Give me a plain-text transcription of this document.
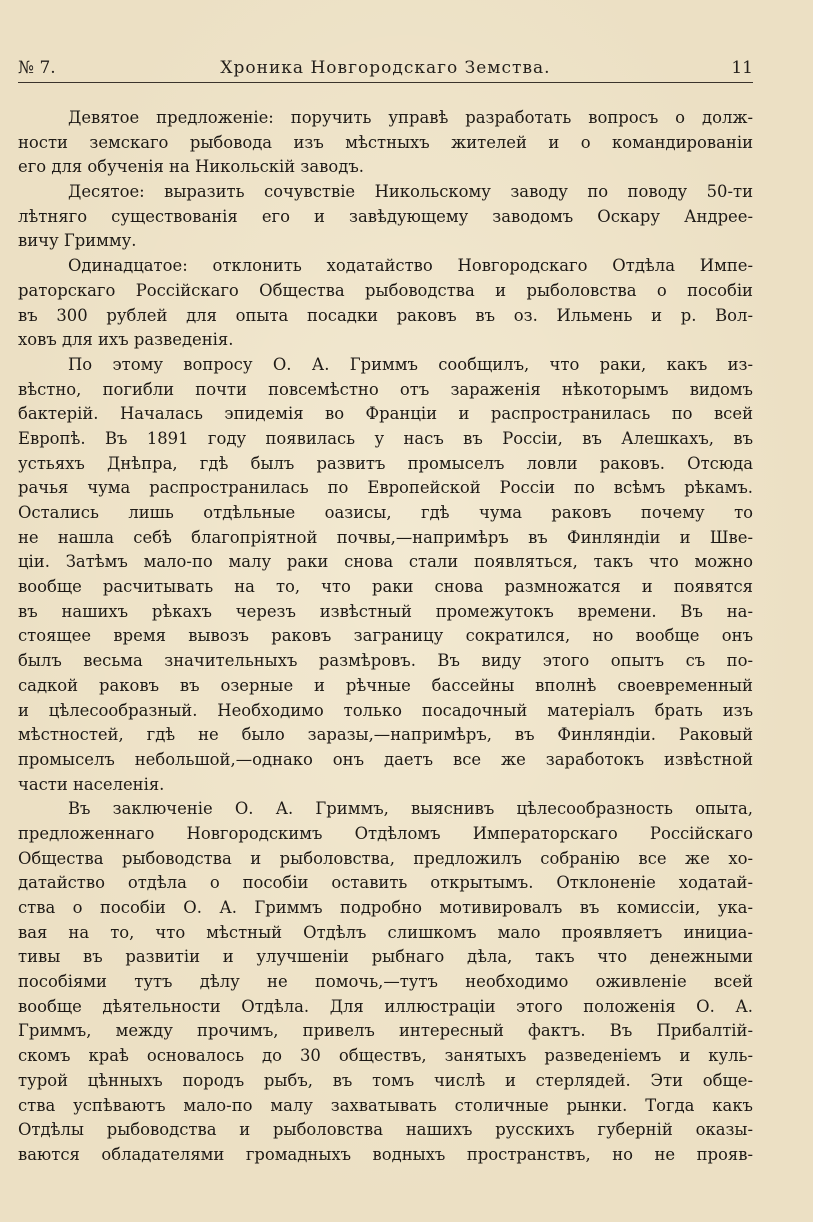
№ 7.	Хроника Новгородскаго Земства.	11
Девятое предложеніе: поручить управѣ разработать вопросъ о долж-
ности земскаго рыбовода изъ мѣстныхъ жителей и о командированіи
его для обученія на Никольскій заводъ.
Десятое: выразить сочувствіе Никольскому заводу по поводу 50-ти
лѣтняго существованія его и завѣдующему заводомъ Оскару Андрее-
вичу Гримму.
Одинадцатое: отклонить ходатайство Новгородскаго Отдѣла Импе-
раторскаго Россійскаго Общества рыбоводства и рыболовства о пособіи
въ 300 рублей для опыта посадки раковъ въ оз. Ильмень и р. Вол-
ховъ для ихъ разведенія.
По этому вопросу О. А. Гриммъ сообщилъ, что раки, какъ из-
вѣстно, погибли почти повсемѣстно отъ зараженія нѣкоторымъ видомъ
бактерій. Началась эпидемія во Франціи и распространилась по всей
Европѣ. Въ 1891 году появилась у насъ въ Россіи, въ Алешкахъ, въ
устьяхъ Днѣпра, гдѣ былъ развитъ промыселъ ловли раковъ. Отсюда
рачья чума распространилась по Европейской Россіи по всѣмъ рѣкамъ.
Остались лишь отдѣльные оазисы, гдѣ чума раковъ почему то
не нашла себѣ благопріятной почвы,—напримѣръ въ Финляндіи и Шве-
ціи. Затѣмъ мало-по малу раки снова стали появляться, такъ что можно
вообще расчитывать на то, что раки снова размножатся и появятся
въ нашихъ рѣкахъ черезъ извѣстный промежутокъ времени. Въ на-
стоящее время вывозъ раковъ заграницу сократился, но вообще онъ
былъ весьма значительныхъ размѣровъ. Въ виду этого опытъ съ по-
садкой раковъ въ озерные и рѣчные бассейны вполнѣ своевременный
и цѣлесообразный. Необходимо только посадочный матеріалъ брать изъ
мѣстностей, гдѣ не было заразы,—напримѣръ, въ Финляндіи. Раковый
промыселъ небольшой,—однако онъ даетъ все же заработокъ извѣстной
части населенія.
Въ заключеніе О. А. Гриммъ, выяснивъ цѣлесообразность опыта,
предложеннаго Новгородскимъ Отдѣломъ Императорскаго Россійскаго
Общества рыбоводства и рыболовства, предложилъ собранію все же хо-
датайство отдѣла о пособіи оставить открытымъ. Отклоненіе ходатай-
ства о пособіи О. А. Гриммъ подробно мотивировалъ въ комиссіи, ука-
вая на то, что мѣстный Отдѣлъ слишкомъ мало проявляетъ инициа-
тивы въ развитіи и улучшеніи рыбнаго дѣла, такъ что денежными
пособіями тутъ дѣлу не помочь,—тутъ необходимо оживленіе всей
вообще дѣятельности Отдѣла. Для иллюстраціи этого положенія О. А.
Гриммъ, между прочимъ, привелъ интересный фактъ. Въ Прибалтій-
скомъ краѣ основалось до 30 обществъ, занятыхъ разведеніемъ и куль-
турой цѣнныхъ породъ рыбъ, въ томъ числѣ и стерлядей. Эти обще-
ства успѣваютъ мало-по малу захватывать столичные рынки. Тогда какъ
Отдѣлы рыбоводства и рыболовства нашихъ русскихъ губерній оказы-
ваются обладателями громадныхъ водныхъ пространствъ, но не прояв-
